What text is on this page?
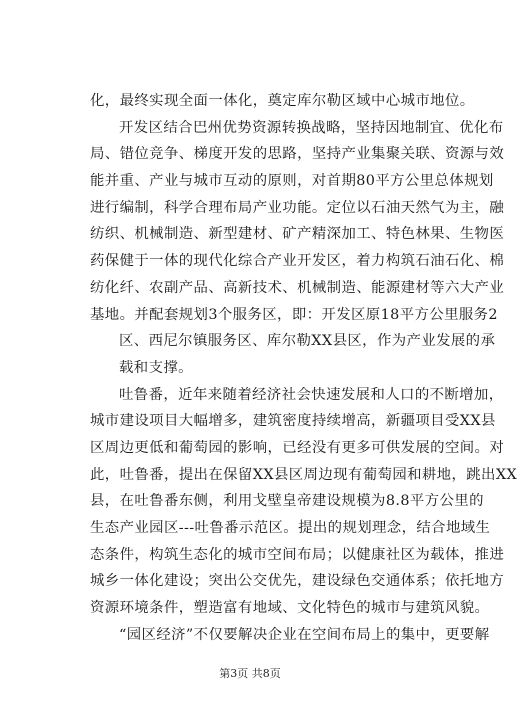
化，最终实现全面一体化，奠定库尔勒区域中心城市地位。
开发区结合巴州优势资源转换战略，坚持因地制宜、优化布
局、错位竞争、梯度开发的思路，坚持产业集聚关联、资源与效
能并重、产业与城市互动的原则，对首期80平方公里总体规划
进行编制，科学合理布局产业功能。定位以石油天然气为主，融
纺织、机械制造、新型建材、矿产精深加工、特色林果、生物医
药保健于一体的现代化综合产业开发区，着力构筑石油石化、棉
纺化纤、农副产品、高新技术、机械制造、能源建材等六大产业
基地。并配套规划3个服务区，即：开发区原18平方公里服务2
区、西尼尔镇服务区、库尔勒XX县区，作为产业发展的承
载和支撑。
吐鲁番，近年来随着经济社会快速发展和人口的不断增加，
城市建设项目大幅增多，建筑密度持续增高，新疆项目受XX县
区周边更低和葡萄园的影响，已经没有更多可供发展的空间。对
此，吐鲁番，提出在保留XX县区周边现有葡萄园和耕地，跳出XX
县，在吐鲁番东侧，利用戈壁皇帝建设规模为8.8平方公里的
生态产业园区---吐鲁番示范区。提出的规划理念，结合地域生
态条件，构筑生态化的城市空间布局；以健康社区为载体，推进
城乡一体化建设；突出公交优先，建设绿色交通体系；依托地方
资源环境条件，塑造富有地域、文化特色的城市与建筑风貌。
“园区经济”不仅要解决企业在空间布局上的集中，更要解
第3页 共8页
